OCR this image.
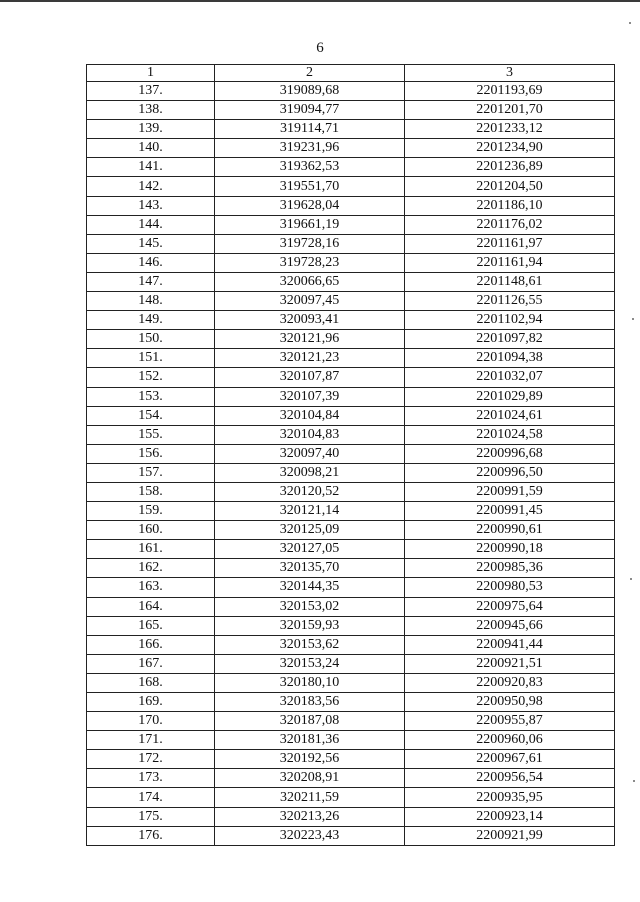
6
1	2	3
137.	319089,68	2201193,69
138.	319094,77	2201201,70
139.	319114,71	2201233,12
140.	319231,96	2201234,90
141.	319362,53	2201236,89
142.	319551,70	2201204,50
143.	319628,04	2201186,10
144.	319661,19	2201176,02
145.	319728,16	2201161,97
146.	319728,23	2201161,94
147.	320066,65	2201148,61
148.	320097,45	2201126,55
149.	320093,41	2201102,94
150.	320121,96	2201097,82
151.	320121,23	2201094,38
152.	320107,87	2201032,07
153.	320107,39	2201029,89
154.	320104,84	2201024,61
155.	320104,83	2201024,58
156.	320097,40	2200996,68
157.	320098,21	2200996,50
158.	320120,52	2200991,59
159.	320121,14	2200991,45
160.	320125,09	2200990,61
161.	320127,05	2200990,18
162.	320135,70	2200985,36
163.	320144,35	2200980,53
164.	320153,02	2200975,64
165.	320159,93	2200945,66
166.	320153,62	2200941,44
167.	320153,24	2200921,51
168.	320180,10	2200920,83
169.	320183,56	2200950,98
170.	320187,08	2200955,87
171.	320181,36	2200960,06
172.	320192,56	2200967,61
173.	320208,91	2200956,54
174.	320211,59	2200935,95
175.	320213,26	2200923,14
176.	320223,43	2200921,99
